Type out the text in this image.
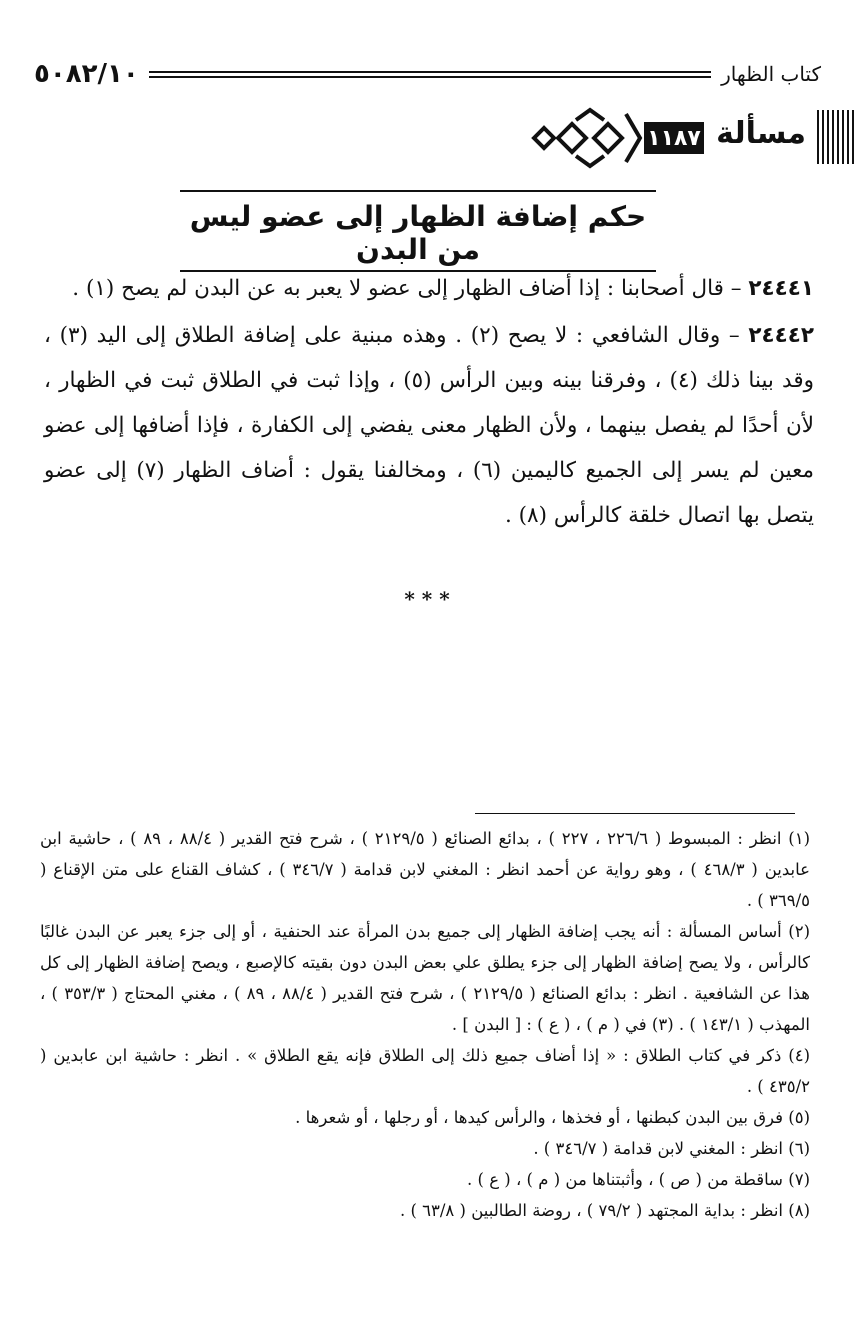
كتاب الظهار
٥٠٨٢/١٠
مسألة
١١٨٧
حكم إضافة الظهار إلى عضو ليس من البدن

٢٤٤٤١ – قال أصحابنا : إذا أضاف الظهار إلى عضو لا يعبر به عن البدن لم يصح (١) .

٢٤٤٤٢ – وقال الشافعي : لا يصح (٢) . وهذه مبنية على إضافة الطلاق إلى اليد (٣) ، وقد بينا ذلك (٤) ، وفرقنا بينه وبين الرأس (٥) ، وإذا ثبت في الطلاق ثبت في الظهار ، لأن أحدًا لم يفصل بينهما ، ولأن الظهار معنى يفضي إلى الكفارة ، فإذا أضافها إلى عضو معين لم يسر إلى الجميع كاليمين (٦) ، ومخالفنا يقول : أضاف الظهار (٧) إلى عضو يتصل بها اتصال خلقة كالرأس (٨) .

* * *

(١) انظر : المبسوط ( ٢٢٦/٦ ، ٢٢٧ ) ، بدائع الصنائع ( ٢١٢٩/٥ ) ، شرح فتح القدير ( ٨٨/٤ ، ٨٩ ) ، حاشية ابن عابدين ( ٤٦٨/٣ ) ، وهو رواية عن أحمد انظر : المغني لابن قدامة ( ٣٤٦/٧ ) ، كشاف القناع على متن الإقناع ( ٣٦٩/٥ ) .

(٢) أساس المسألة : أنه يجب إضافة الظهار إلى جميع بدن المرأة عند الحنفية ، أو إلى جزء يعبر عن البدن غالبًا كالرأس ، ولا يصح إضافة الظهار إلى جزء يطلق علي بعض البدن دون بقيته كالإصبع ، ويصح إضافة الظهار إلى كل هذا عن الشافعية . انظر : بدائع الصنائع ( ٢١٢٩/٥ ) ، شرح فتح القدير ( ٨٨/٤ ، ٨٩ ) ، مغني المحتاج ( ٣٥٣/٣ ) ، المهذب ( ١٤٣/١ ) . (٣) في ( م ) ، ( ع ) : [ البدن ] .

(٤) ذكر في كتاب الطلاق : « إذا أضاف جميع ذلك إلى الطلاق فإنه يقع الطلاق » . انظر : حاشية ابن عابدين ( ٤٣٥/٢ ) .

(٥) فرق بين البدن كبطنها ، أو فخذها ، والرأس كيدها ، أو رجلها ، أو شعرها .

(٦) انظر : المغني لابن قدامة ( ٣٤٦/٧ ) .

(٧) ساقطة من ( ص ) ، وأثبتناها من ( م ) ، ( ع ) .

(٨) انظر : بداية المجتهد ( ٧٩/٢ ) ، روضة الطالبين ( ٦٣/٨ ) .
